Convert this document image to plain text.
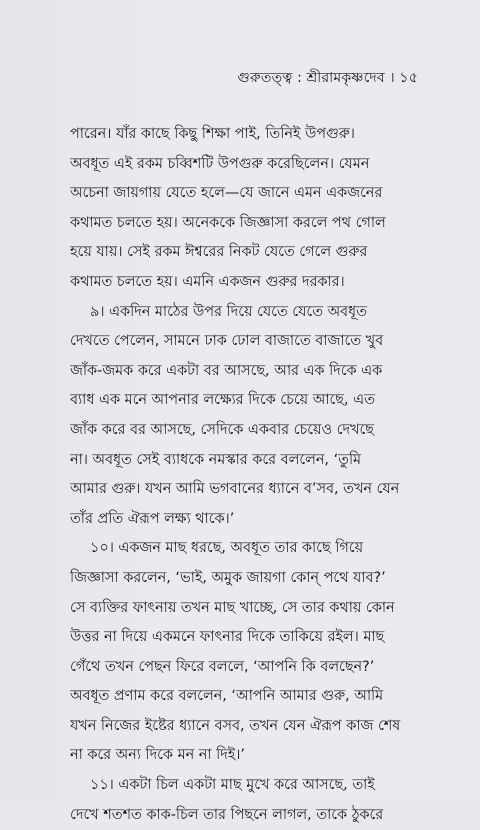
গুরুতত্ত্ব : শ্রীরামকৃষ্ণদেব । ১৫

পারেন। যাঁর কাছে কিছু শিক্ষা পাই, তিনিই উপগুরু।
অবধূত এই রকম চব্বিশটি উপগুরু করেছিলেন। যেমন
অচেনা জায়গায় যেতে হলে—যে জানে এমন একজনের
কথামত চলতে হয়। অনেককে জিজ্ঞাসা করলে পথ গোল
হয়ে যায়। সেই রকম ঈশ্বরের নিকট যেতে গেলে গুরুর
কথামত চলতে হয়। এমনি একজন গুরুর দরকার।

৯। একদিন মাঠের উপর দিয়ে যেতে যেতে অবধূত
দেখতে পেলেন, সামনে ঢাক ঢোল বাজাতে বাজাতে খুব
জাঁক-জমক করে একটা বর আসছে, আর এক দিকে এক
ব্যাধ এক মনে আপনার লক্ষ্যের দিকে চেয়ে আছে, এত
জাঁক করে বর আসছে, সেদিকে একবার চেয়েও দেখছে
না। অবধূত সেই ব্যাধকে নমস্কার করে বললেন, ‘তুমি
আমার গুরু। যখন আমি ভগবানের ধ্যানে ব’সব, তখন যেন
তাঁর প্রতি ঐরূপ লক্ষ্য থাকে।’

১০। একজন মাছ ধরছে, অবধূত তার কাছে গিয়ে
জিজ্ঞাসা করলেন, ‘ভাই, অমুক জায়গা কোন্ পথে যাব?’
সে ব্যক্তির ফাৎনায় তখন মাছ খাচ্ছে, সে তার কথায় কোন
উত্তর না দিয়ে একমনে ফাৎনার দিকে তাকিয়ে রইল। মাছ
গেঁথে তখন পেছন ফিরে বললে, ‘আপনি কি বলছেন?’
অবধূত প্রণাম করে বললেন, ‘আপনি আমার গুরু, আমি
যখন নিজের ইষ্টের ধ্যানে বসব, তখন যেন ঐরূপ কাজ শেষ
না করে অন্য দিকে মন না দিই।’

১১। একটা চিল একটা মাছ মুখে করে আসছে, তাই
দেখে শতশত কাক-চিল তার পিছনে লাগল, তাকে ঠুকরে
